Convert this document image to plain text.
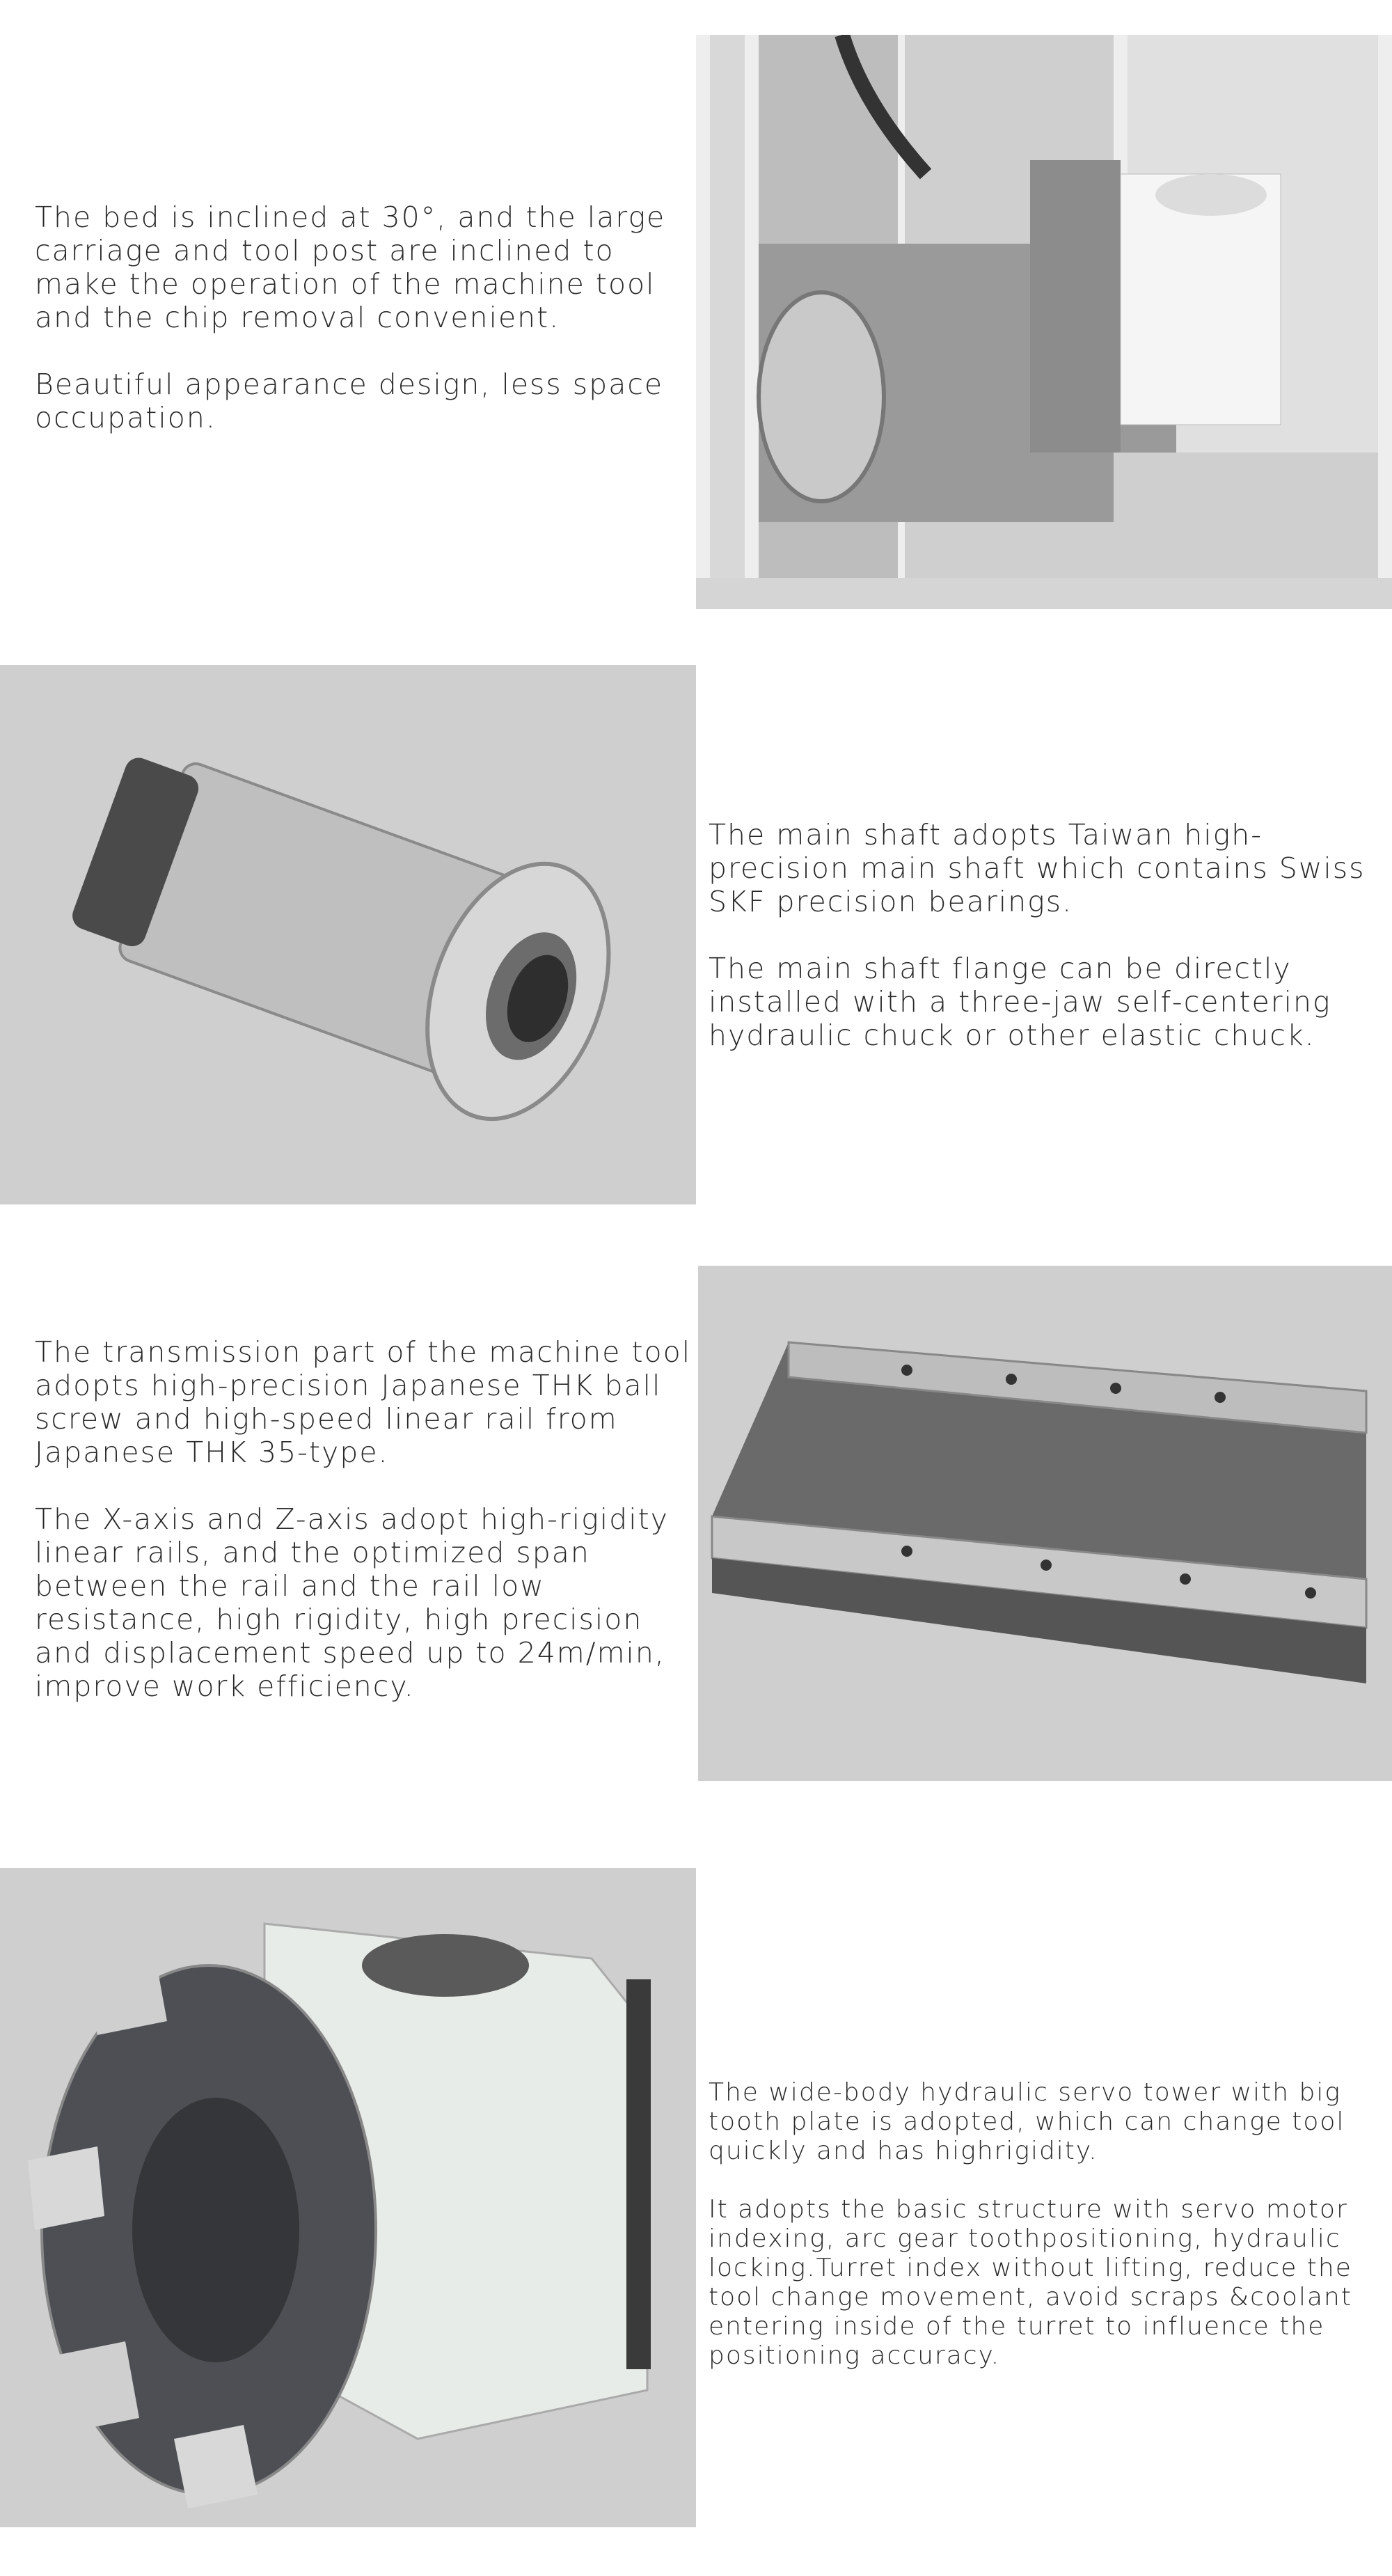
The bed is inclined at 30°, and the large carriage and tool post are inclined to make the operation of the machine tool and the chip removal convenient.

Beautiful appearance design, less space occupation.

The main shaft adopts Taiwan high-precision main shaft which contains Swiss SKF precision bearings.

The main shaft flange can be directly installed with a three-jaw self-centering hydraulic chuck or other elastic chuck.

The transmission part of the machine tool adopts high-precision Japanese THK ball screw and high-speed linear rail from Japanese THK 35-type.

The X-axis and Z-axis adopt high-rigidity linear rails, and the optimized span between the rail and the rail low resistance, high rigidity, high precision and displacement speed up to 24m/min, improve work efficiency.

The wide-body hydraulic servo tower with big tooth plate is adopted, which can change tool quickly and has highrigidity.

It adopts the basic structure with servo motor indexing, arc gear toothpositioning, hydraulic locking.Turret index without lifting, reduce the tool change movement, avoid scraps &coolant entering inside of the turret to influence the positioning accuracy.
